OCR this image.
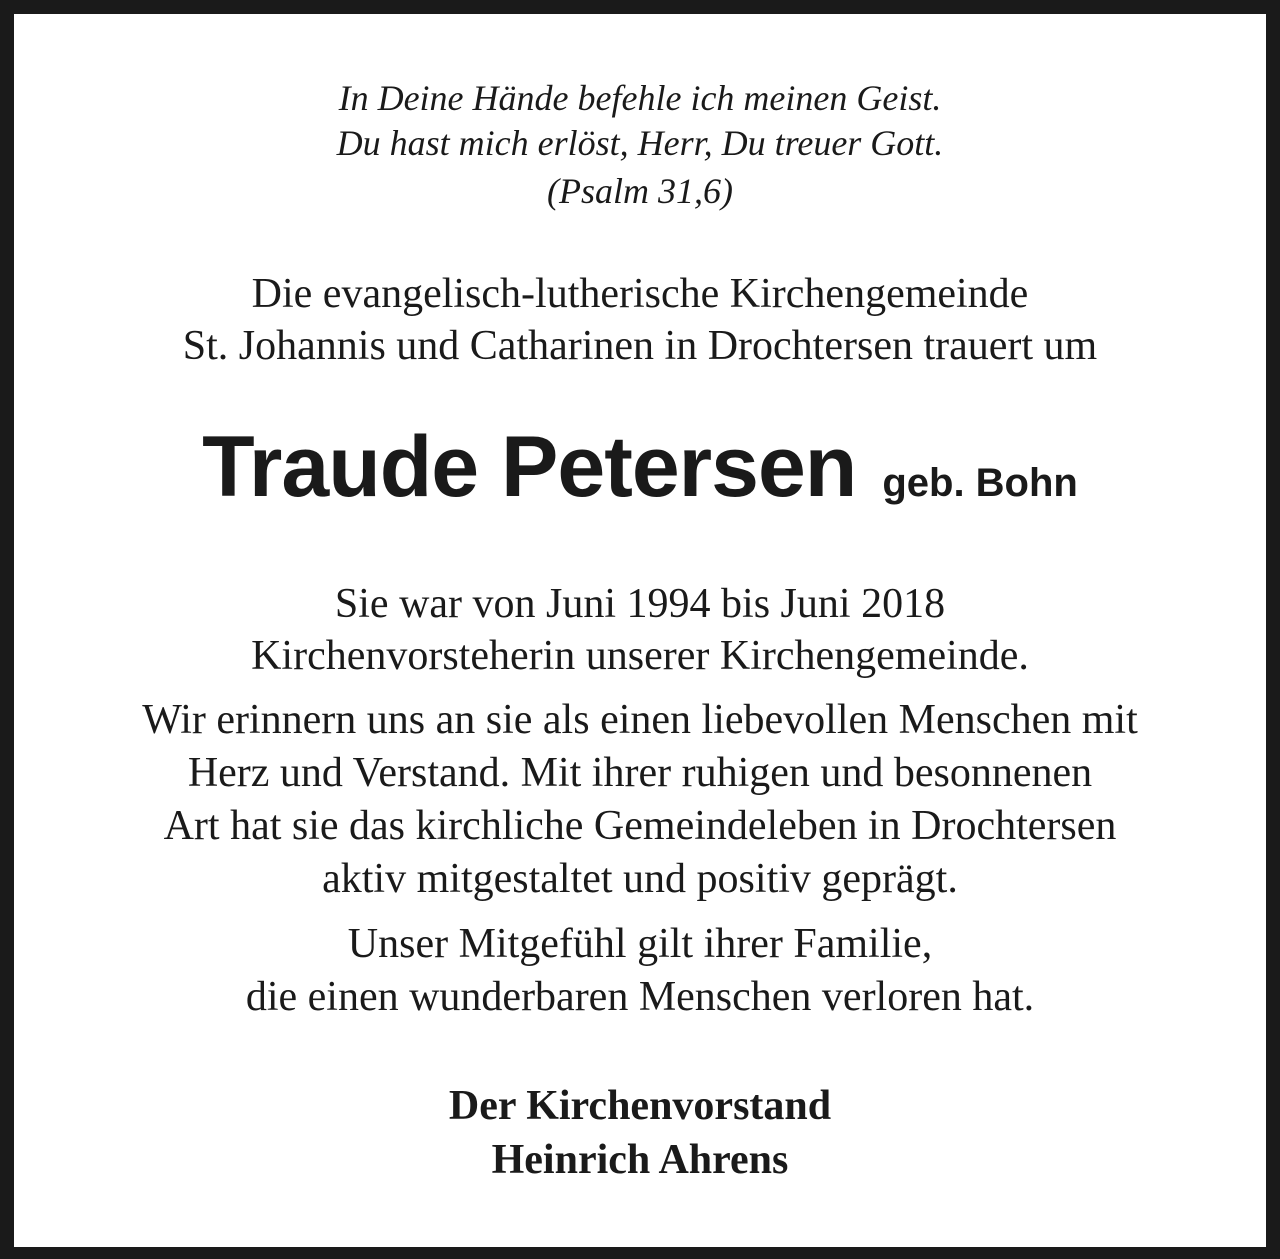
In Deine Hände befehle ich meinen Geist.
Du hast mich erlöst, Herr, Du treuer Gott.
(Psalm 31,6)
Die evangelisch-lutherische Kirchengemeinde
St. Johannis und Catharinen in Drochtersen trauert um
Traude Petersen geb. Bohn
Sie war von Juni 1994 bis Juni 2018
Kirchenvorsteherin unserer Kirchengemeinde.
Wir erinnern uns an sie als einen liebevollen Menschen mit
Herz und Verstand. Mit ihrer ruhigen und besonnenen
Art hat sie das kirchliche Gemeindeleben in Drochtersen
aktiv mitgestaltet und positiv geprägt.
Unser Mitgefühl gilt ihrer Familie,
die einen wunderbaren Menschen verloren hat.
Der Kirchenvorstand
Heinrich Ahrens
